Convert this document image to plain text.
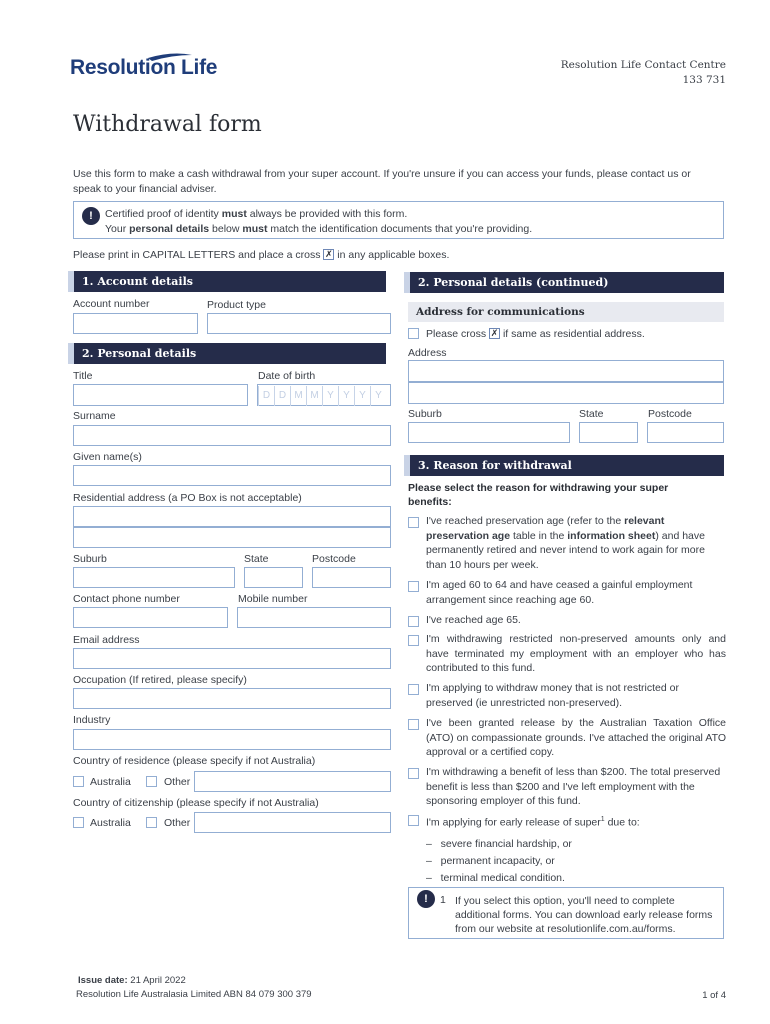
Resolution Life	Resolution Life Contact Centre
133 731
Withdrawal form
Use this form to make a cash withdrawal from your super account. If you're unsure if you can access your funds, please contact us or speak to your financial adviser.
!	Certified proof of identity must always be provided with this form.
Your personal details below must match the identification documents that you're providing.
Please print in CAPITAL LETTERS and place a cross ✗ in any applicable boxes.
1. Account details
Account number	Product type
2. Personal details
Title	Date of birth
D D M M Y Y Y Y
Surname
Given name(s)
Residential address (a PO Box is not acceptable)
Suburb	State	Postcode
Contact phone number	Mobile number
Email address
Occupation (If retired, please specify)
Industry
Country of residence (please specify if not Australia)
Australia	Other
Country of citizenship (please specify if not Australia)
Australia	Other
2. Personal details (continued)
Address for communications
Please cross ✗ if same as residential address.
Address
Suburb	State	Postcode
3. Reason for withdrawal
Please select the reason for withdrawing your super benefits:
I've reached preservation age (refer to the relevant preservation age table in the information sheet) and have permanently retired and never intend to work again for more than 10 hours per week.
I'm aged 60 to 64 and have ceased a gainful employment arrangement since reaching age 60.
I've reached age 65.
I'm withdrawing restricted non-preserved amounts only and have terminated my employment with an employer who has contributed to this fund.
I'm applying to withdraw money that is not restricted or preserved (ie unrestricted non-preserved).
I've been granted release by the Australian Taxation Office (ATO) on compassionate grounds. I've attached the original ATO approval or a certified copy.
I'm withdrawing a benefit of less than $200. The total preserved benefit is less than $200 and I've left employment with the sponsoring employer of this fund.
I'm applying for early release of super$^1$ due to:
– severe financial hardship, or
– permanent incapacity, or
– terminal medical condition.
!	1 If you select this option, you'll need to complete additional forms. You can download early release forms from our website at resolutionlife.com.au/forms.
Issue date: 21 April 2022
Resolution Life Australasia Limited ABN 84 079 300 379	1 of 4
